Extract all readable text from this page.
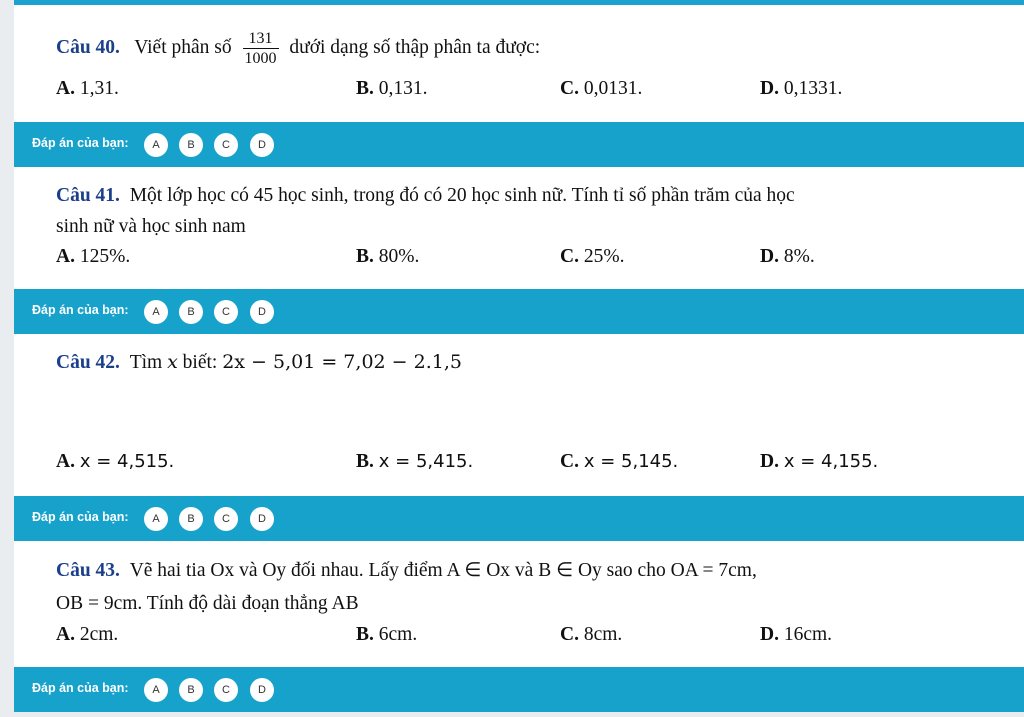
Câu 40. Viết phân số $\frac{131}{1000}$ dưới dạng số thập phân ta được:
A. 1,31.	B. 0,131.	C. 0,0131.	D. 0,1331.
Đáp án của bạn:	A	B	C	D
Câu 41. Một lớp học có 45 học sinh, trong đó có 20 học sinh nữ. Tính tỉ số phần trăm của học
sinh nữ và học sinh nam
A. 125%.	B. 80%.	C. 25%.	D. 8%.
Đáp án của bạn:	A	B	C	D
Câu 42. Tìm x biết: 2x − 5,01 = 7,02 − 2.1,5
A. x = 4,515.	B. x = 5,415.	C. x = 5,145.	D. x = 4,155.
Đáp án của bạn:	A	B	C	D
Câu 43. Vẽ hai tia Ox và Oy đối nhau. Lấy điểm A ∈ Ox và B ∈ Oy sao cho OA = 7cm,
OB = 9cm. Tính độ dài đoạn thẳng AB
A. 2cm.	B. 6cm.	C. 8cm.	D. 16cm.
Đáp án của bạn:	A	B	C	D
